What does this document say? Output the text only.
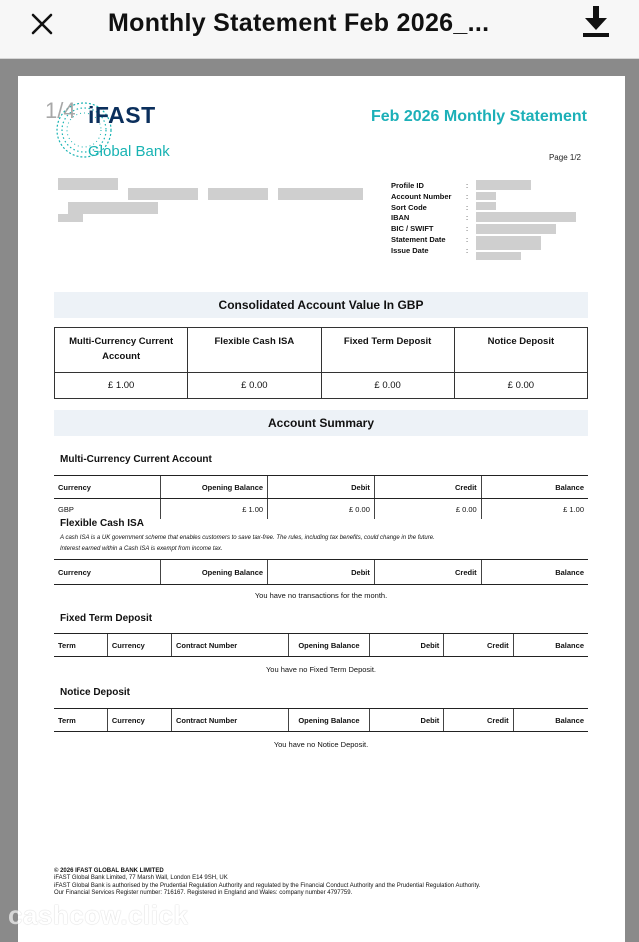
Monthly Statement Feb 2026_...
1/4 iFAST
Global Bank
Feb 2026 Monthly Statement
Page 1/2
Profile ID	:
Account Number :
Sort Code	:
IBAN	:
BIC / SWIFT	:
Statement Date	:
Issue Date	:
Consolidated Account Value In GBP
Multi-Currency Current Account	Flexible Cash ISA	Fixed Term Deposit	Notice Deposit
£ 1.00	£ 0.00	£ 0.00	£ 0.00
Account Summary
Multi-Currency Current Account
Currency	Opening Balance	Debit	Credit	Balance
GBP	£ 1.00	£ 0.00	£ 0.00	£ 1.00
Flexible Cash ISA
A cash ISA is a UK government scheme that enables customers to save tax-free. The rules, including tax benefits, could change in the future.
Interest earned within a Cash ISA is exempt from income tax.
Currency	Opening Balance	Debit	Credit	Balance
You have no transactions for the month.
Fixed Term Deposit
Term	Currency	Contract Number	Opening Balance	Debit	Credit	Balance
You have no Fixed Term Deposit.
Notice Deposit
Term	Currency	Contract Number	Opening Balance	Debit	Credit	Balance
You have no Notice Deposit.
© 2026 IFAST GLOBAL BANK LIMITED
iFAST Global Bank Limited, 77 Marsh Wall, London E14 9SH, UK
iFAST Global Bank is authorised by the Prudential Regulation Authority and regulated by the Financial Conduct Authority and the Prudential Regulation Authority.
Our Financial Services Register number: 716167. Registered in England and Wales: company number 4797759.
cashcow.click
